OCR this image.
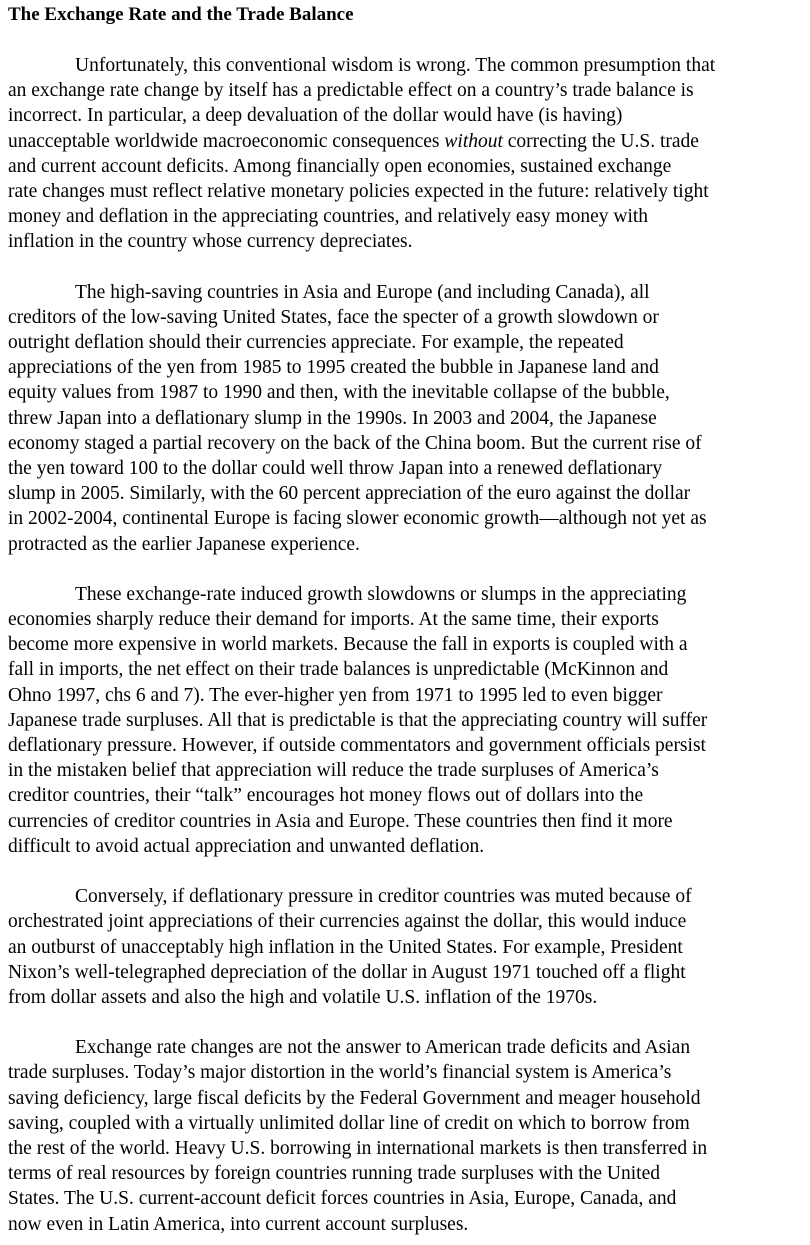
The Exchange Rate and the Trade Balance
Unfortunately, this conventional wisdom is wrong. The common presumption that
an exchange rate change by itself has a predictable effect on a country’s trade balance is
incorrect. In particular, a deep devaluation of the dollar would have (is having)
unacceptable worldwide macroeconomic consequences without correcting the U.S. trade
and current account deficits. Among financially open economies, sustained exchange
rate changes must reflect relative monetary policies expected in the future: relatively tight
money and deflation in the appreciating countries, and relatively easy money with
inflation in the country whose currency depreciates.
The high-saving countries in Asia and Europe (and including Canada), all
creditors of the low-saving United States, face the specter of a growth slowdown or
outright deflation should their currencies appreciate. For example, the repeated
appreciations of the yen from 1985 to 1995 created the bubble in Japanese land and
equity values from 1987 to 1990 and then, with the inevitable collapse of the bubble,
threw Japan into a deflationary slump in the 1990s. In 2003 and 2004, the Japanese
economy staged a partial recovery on the back of the China boom. But the current rise of
the yen toward 100 to the dollar could well throw Japan into a renewed deflationary
slump in 2005. Similarly, with the 60 percent appreciation of the euro against the dollar
in 2002-2004, continental Europe is facing slower economic growth—although not yet as
protracted as the earlier Japanese experience.
These exchange-rate induced growth slowdowns or slumps in the appreciating
economies sharply reduce their demand for imports. At the same time, their exports
become more expensive in world markets. Because the fall in exports is coupled with a
fall in imports, the net effect on their trade balances is unpredictable (McKinnon and
Ohno 1997, chs 6 and 7). The ever-higher yen from 1971 to 1995 led to even bigger
Japanese trade surpluses. All that is predictable is that the appreciating country will suffer
deflationary pressure. However, if outside commentators and government officials persist
in the mistaken belief that appreciation will reduce the trade surpluses of America’s
creditor countries, their “talk” encourages hot money flows out of dollars into the
currencies of creditor countries in Asia and Europe. These countries then find it more
difficult to avoid actual appreciation and unwanted deflation.
Conversely, if deflationary pressure in creditor countries was muted because of
orchestrated joint appreciations of their currencies against the dollar, this would induce
an outburst of unacceptably high inflation in the United States. For example, President
Nixon’s well-telegraphed depreciation of the dollar in August 1971 touched off a flight
from dollar assets and also the high and volatile U.S. inflation of the 1970s.
Exchange rate changes are not the answer to American trade deficits and Asian
trade surpluses. Today’s major distortion in the world’s financial system is America’s
saving deficiency, large fiscal deficits by the Federal Government and meager household
saving, coupled with a virtually unlimited dollar line of credit on which to borrow from
the rest of the world. Heavy U.S. borrowing in international markets is then transferred in
terms of real resources by foreign countries running trade surpluses with the United
States. The U.S. current-account deficit forces countries in Asia, Europe, Canada, and
now even in Latin America, into current account surpluses.
